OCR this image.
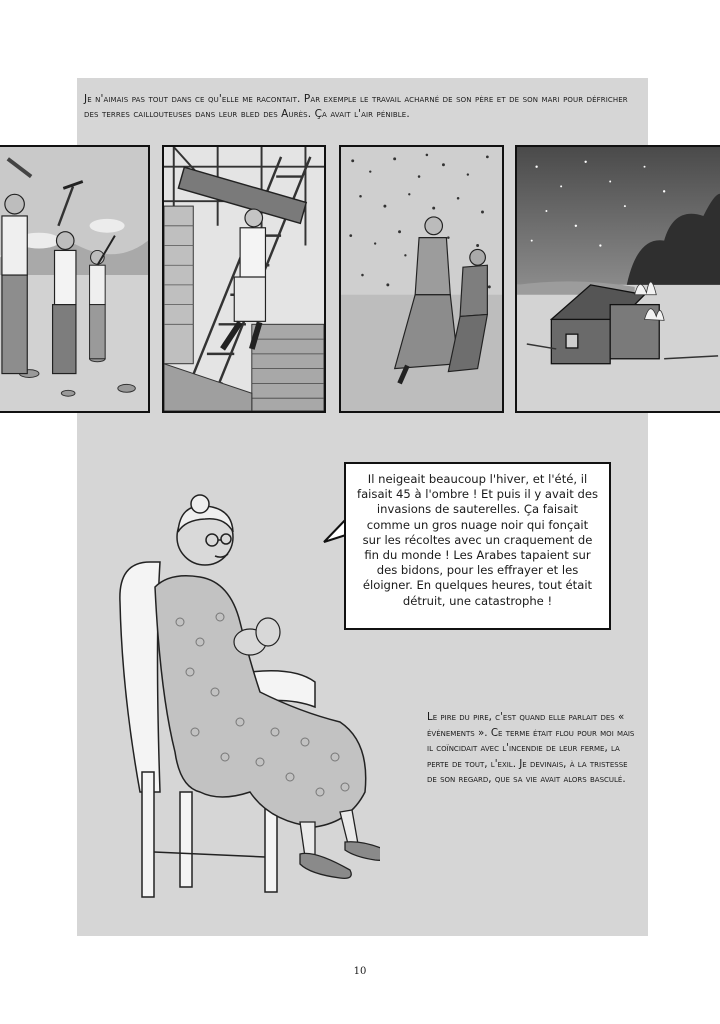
Je n'aimais pas tout dans ce qu'elle me racontait. Par exemple le travail acharné de son père et de son mari pour défricher des terres caillouteuses dans leur bled des Aurès. Ça avait l'air pénible.
Il neigeait beaucoup l'hiver, et l'été, il faisait 45 à l'ombre ! Et puis il y avait des invasions de sauterelles. Ça faisait comme un gros nuage noir qui fonçait sur les récoltes avec un craquement de fin du monde ! Les Arabes tapaient sur des bidons, pour les effrayer et les éloigner. En quelques heures, tout était détruit, une catastrophe !
Le pire du pire, c'est quand elle parlait des « événements ». Ce terme était flou pour moi mais il coïncidait avec l'incendie de leur ferme, la perte de tout, l'exil. Je devinais, à la tristesse de son regard, que sa vie avait alors basculé.
10
